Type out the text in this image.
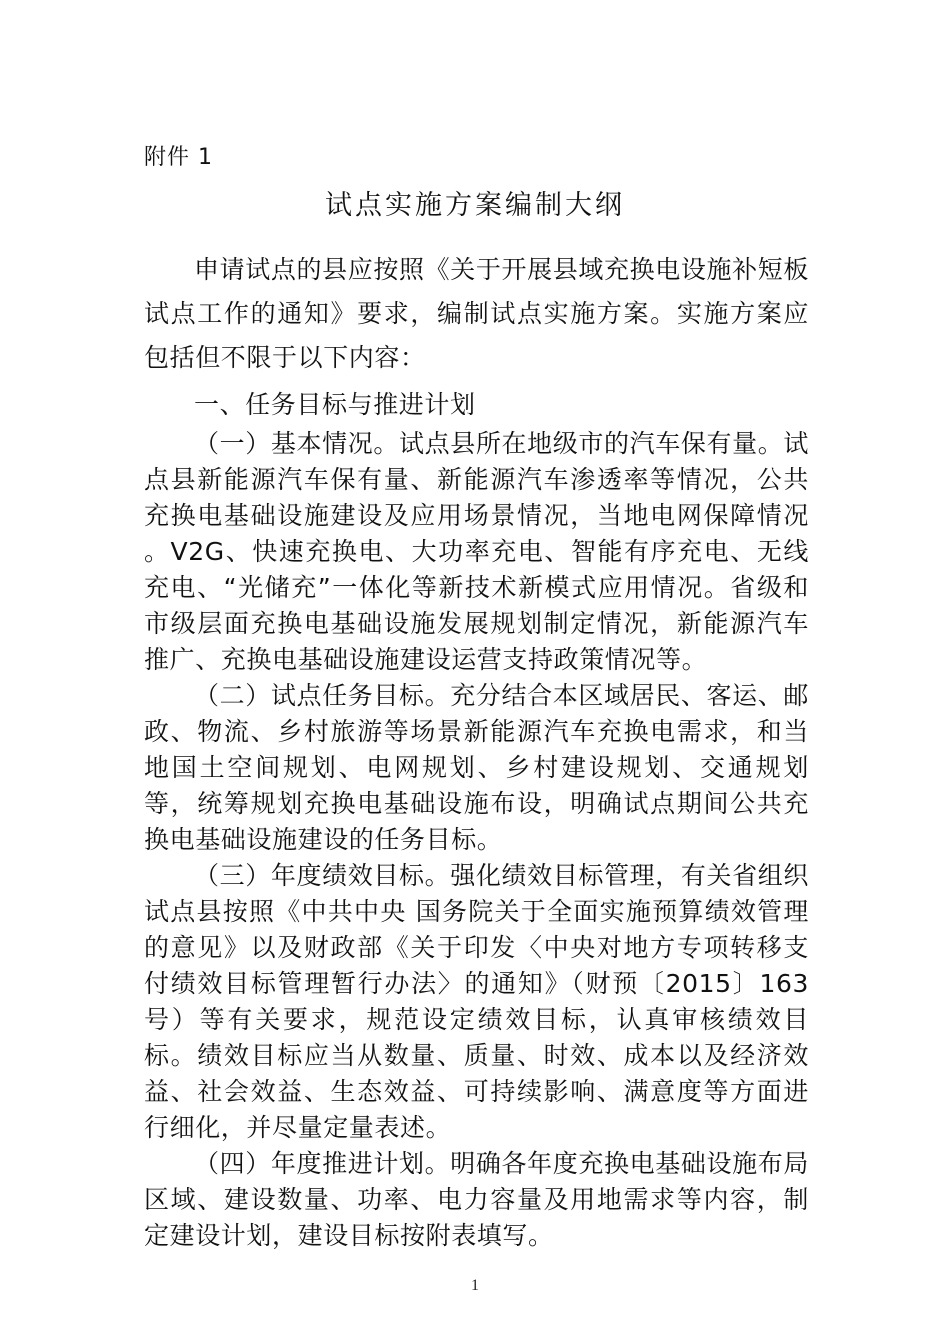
附件 1
试点实施方案编制大纲

申请试点的县应按照《关于开展县域充换电设施补短板试点工作的通知》要求，编制试点实施方案。实施方案应包括但不限于以下内容：

一、任务目标与推进计划

（一）基本情况。试点县所在地级市的汽车保有量。试点县新能源汽车保有量、新能源汽车渗透率等情况，公共充换电基础设施建设及应用场景情况，当地电网保障情况 。V2G、快速充换电、大功率充电、智能有序充电、无线充电、“光储充”一体化等新技术新模式应用情况。省级和市级层面充换电基础设施发展规划制定情况，新能源汽车推广、充换电基础设施建设运营支持政策情况等。

（二）试点任务目标。充分结合本区域居民、客运、邮政、物流、乡村旅游等场景新能源汽车充换电需求，和当地国土空间规划、电网规划、乡村建设规划、交通规划等，统筹规划充换电基础设施布设，明确试点期间公共充换电基础设施建设的任务目标。

（三）年度绩效目标。强化绩效目标管理，有关省组织试点县按照《中共中央 国务院关于全面实施预算绩效管理的意见》以及财政部《关于印发〈中央对地方专项转移支付绩效目标管理暂行办法〉的通知》（财预〔2015〕163 号）等有关要求，规范设定绩效目标，认真审核绩效目标。绩效目标应当从数量、质量、时效、成本以及经济效益、社会效益、生态效益、可持续影响、满意度等方面进行细化，并尽量定量表述。

（四）年度推进计划。明确各年度充换电基础设施布局区域、建设数量、功率、电力容量及用地需求等内容，制定建设计划，建设目标按附表填写。

1
